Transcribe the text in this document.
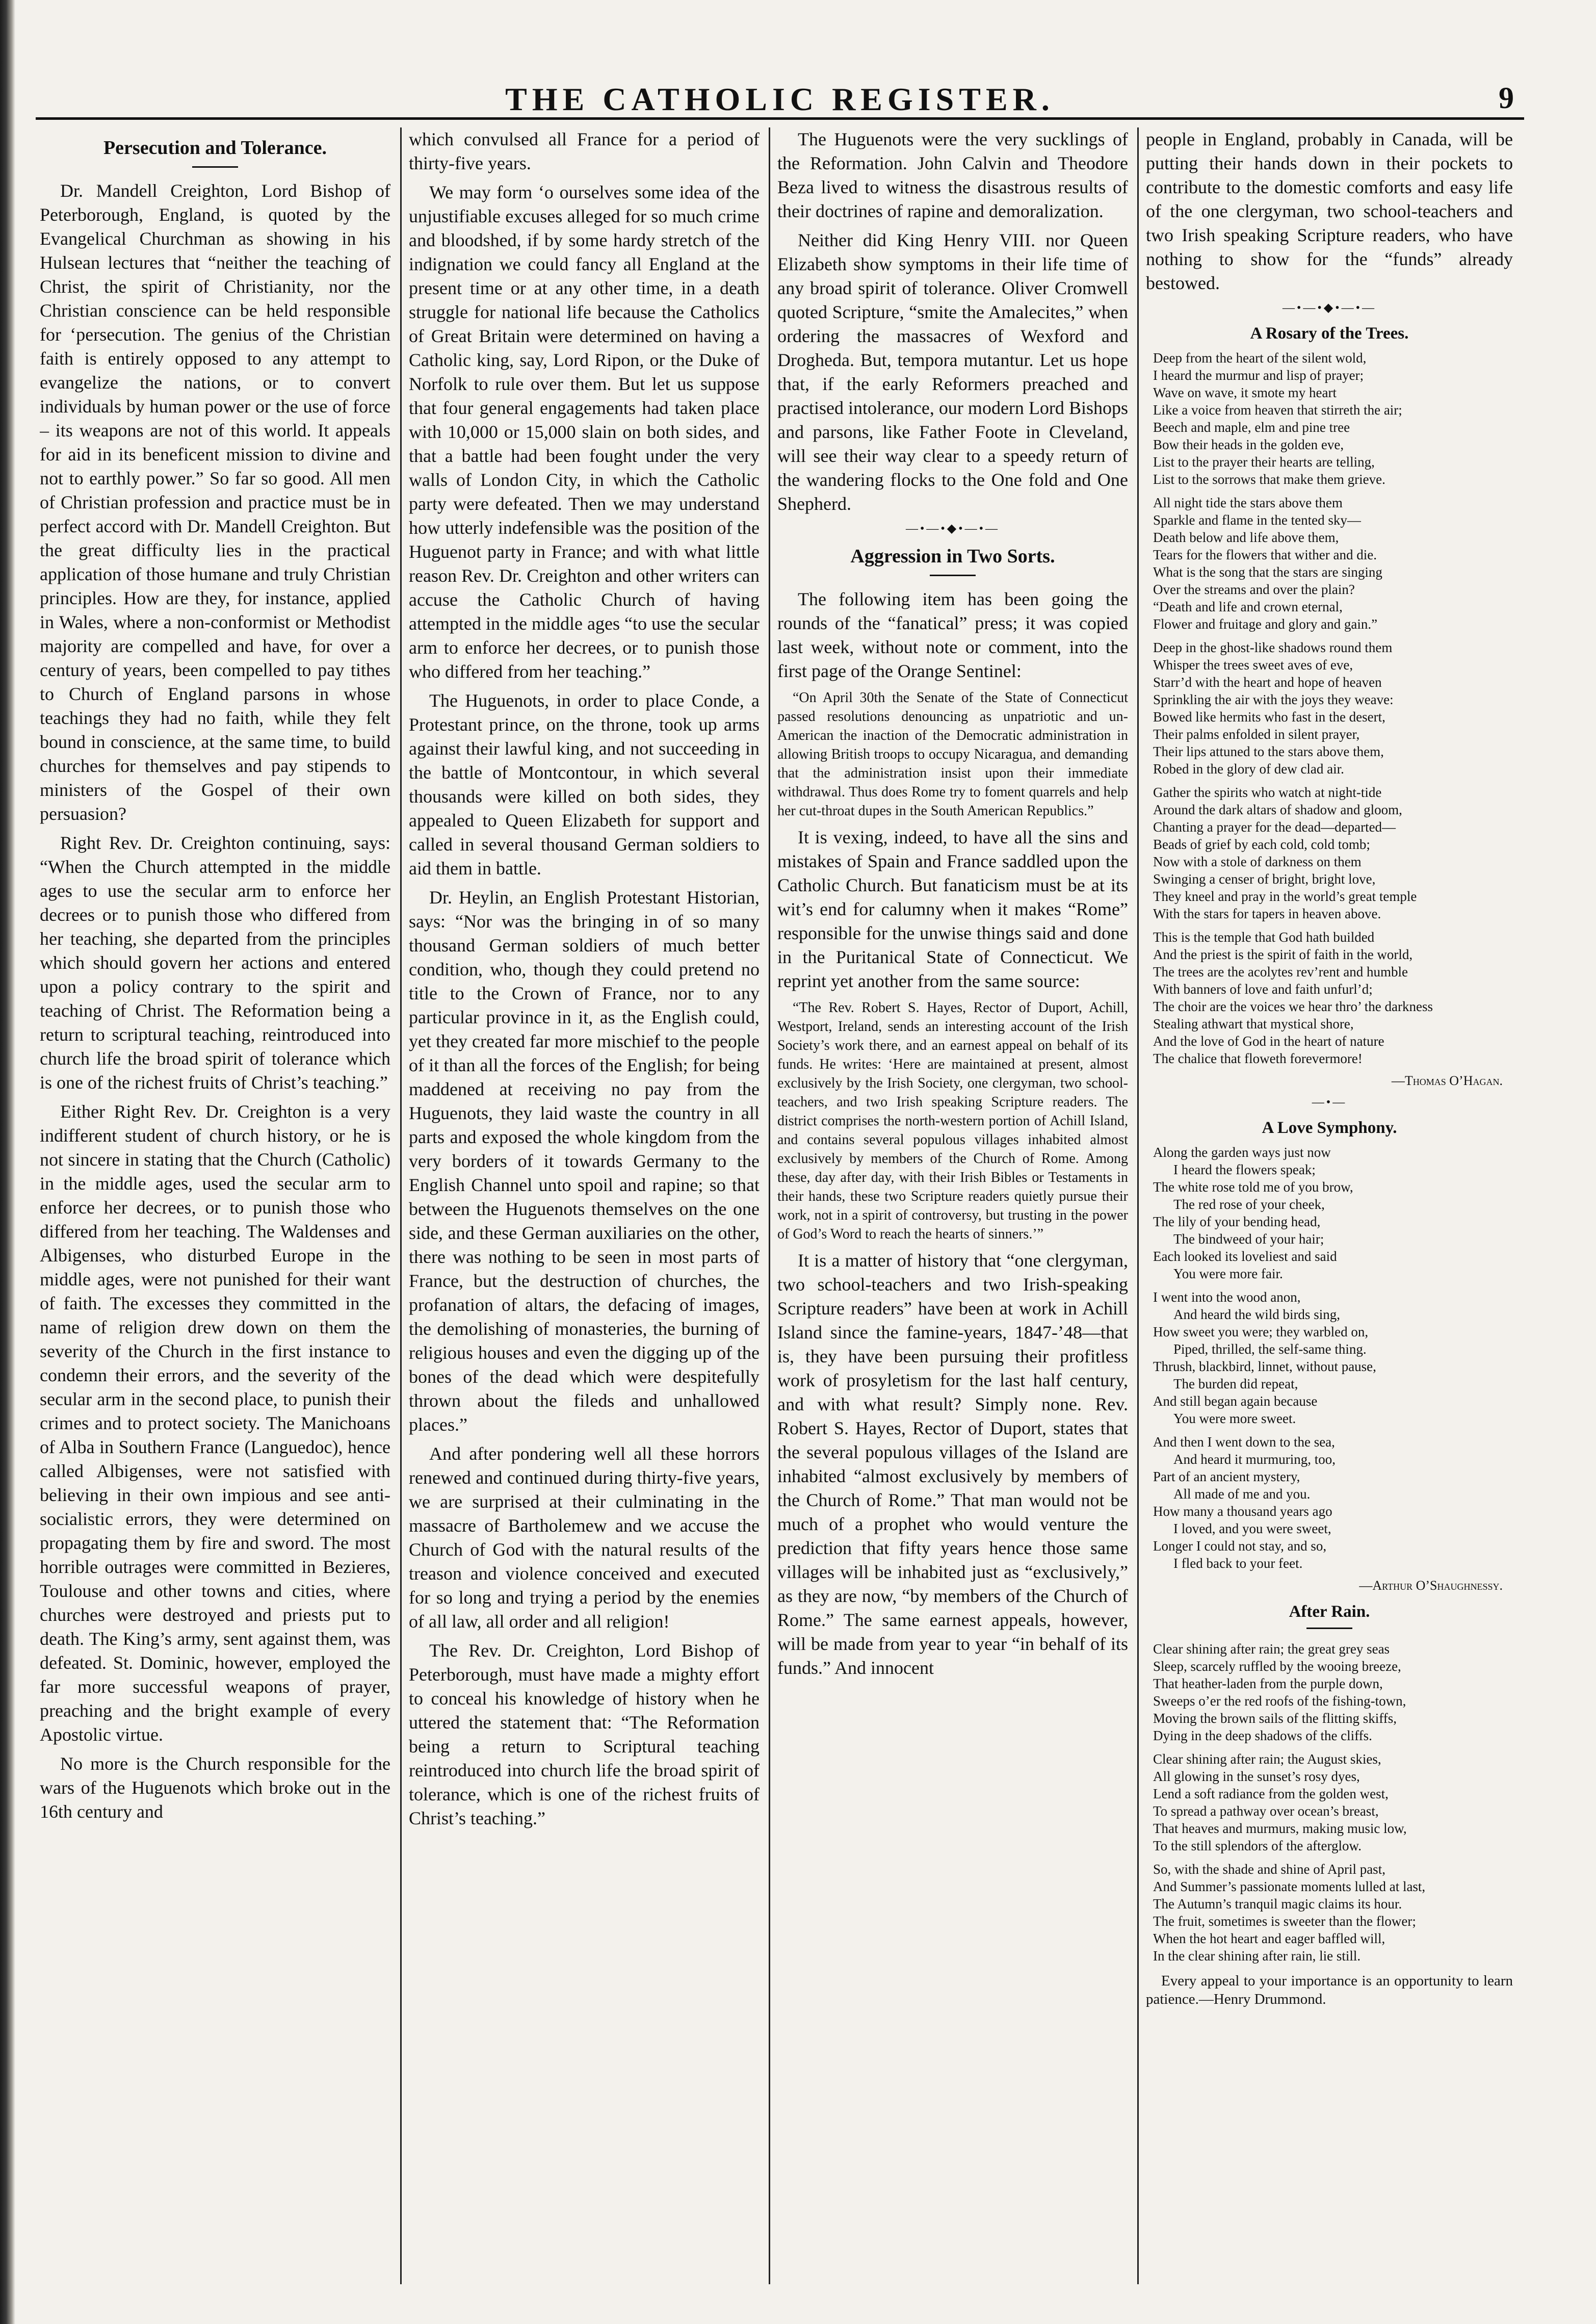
THE CATHOLIC REGISTER.	9
Persecution and Tolerance.

Dr. Mandell Creighton, Lord Bishop of Peterborough, England, is quoted by the Evangelical Churchman as showing in his Hulsean lectures that “neither the teaching of Christ, the spirit of Christianity, nor the Christian conscience can be held responsible for ‘persecution. The genius of the Christian faith is entirely opposed to any attempt to evangelize the nations, or to convert individuals by human power or the use of force – its weapons are not of this world. It appeals for aid in its beneficent mission to divine and not to earthly power.” So far so good. All men of Christian profession and practice must be in perfect accord with Dr. Mandell Creighton. But the great difficulty lies in the practical application of those humane and truly Christian principles. How are they, for instance, applied in Wales, where a non-conformist or Methodist majority are compelled and have, for over a century of years, been compelled to pay tithes to Church of England parsons in whose teachings they had no faith, while they felt bound in conscience, at the same time, to build churches for themselves and pay stipends to ministers of the Gospel of their own persuasion?

Right Rev. Dr. Creighton continuing, says: “When the Church attempted in the middle ages to use the secular arm to enforce her decrees or to punish those who differed from her teaching, she departed from the principles which should govern her actions and entered upon a policy contrary to the spirit and teaching of Christ. The Reformation being a return to scriptural teaching, reintroduced into church life the broad spirit of tolerance which is one of the richest fruits of Christ’s teaching.”

Either Right Rev. Dr. Creighton is a very indifferent student of church history, or he is not sincere in stating that the Church (Catholic) in the middle ages, used the secular arm to enforce her decrees, or to punish those who differed from her teaching. The Waldenses and Albigenses, who disturbed Europe in the middle ages, were not punished for their want of faith. The excesses they committed in the name of religion drew down on them the severity of the Church in the first instance to condemn their errors, and the severity of the secular arm in the second place, to punish their crimes and to protect society. The Manichoans of Alba in Southern France (Languedoc), hence called Albigenses, were not satisfied with believing in their own impious and see anti-socialistic errors, they were determined on propagating them by fire and sword. The most horrible outrages were committed in Bezieres, Toulouse and other towns and cities, where churches were destroyed and priests put to death. The King’s army, sent against them, was defeated. St. Dominic, however, employed the far more successful weapons of prayer, preaching and the bright example of every Apostolic virtue.

No more is the Church responsible for the wars of the Huguenots which broke out in the 16th century and

which convulsed all France for a period of thirty-five years.

We may form ‘o ourselves some idea of the unjustifiable excuses alleged for so much crime and bloodshed, if by some hardy stretch of the indignation we could fancy all England at the present time or at any other time, in a death struggle for national life because the Catholics of Great Britain were determined on having a Catholic king, say, Lord Ripon, or the Duke of Norfolk to rule over them. But let us suppose that four general engagements had taken place with 10,000 or 15,000 slain on both sides, and that a battle had been fought under the very walls of London City, in which the Catholic party were defeated. Then we may understand how utterly indefensible was the position of the Huguenot party in France; and with what little reason Rev. Dr. Creighton and other writers can accuse the Catholic Church of having attempted in the middle ages “to use the secular arm to enforce her decrees, or to punish those who differed from her teaching.”

The Huguenots, in order to place Conde, a Protestant prince, on the throne, took up arms against their lawful king, and not succeeding in the battle of Montcontour, in which several thousands were killed on both sides, they appealed to Queen Elizabeth for support and called in several thousand German soldiers to aid them in battle.

Dr. Heylin, an English Protestant Historian, says: “Nor was the bringing in of so many thousand German soldiers of much better condition, who, though they could pretend no title to the Crown of France, nor to any particular province in it, as the English could, yet they created far more mischief to the people of it than all the forces of the English; for being maddened at receiving no pay from the Huguenots, they laid waste the country in all parts and exposed the whole kingdom from the very borders of it towards Germany to the English Channel unto spoil and rapine; so that between the Huguenots themselves on the one side, and these German auxiliaries on the other, there was nothing to be seen in most parts of France, but the destruction of churches, the profanation of altars, the defacing of images, the demolishing of monasteries, the burning of religious houses and even the digging up of the bones of the dead which were despitefully thrown about the fileds and unhallowed places.”

And after pondering well all these horrors renewed and continued during thirty-five years, we are surprised at their culminating in the massacre of Bartholemew and we accuse the Church of God with the natural results of the treason and violence conceived and executed for so long and trying a period by the enemies of all law, all order and all religion!

The Rev. Dr. Creighton, Lord Bishop of Peterborough, must have made a mighty effort to conceal his knowledge of history when he uttered the statement that: “The Reformation being a return to Scriptural teaching reintroduced into church life the broad spirit of tolerance, which is one of the richest fruits of Christ’s teaching.”

The Huguenots were the very sucklings of the Reformation. John Calvin and Theodore Beza lived to witness the disastrous results of their doctrines of rapine and demoralization.

Neither did King Henry VIII. nor Queen Elizabeth show symptoms in their life time of any broad spirit of tolerance. Oliver Cromwell quoted Scripture, “smite the Amalecites,” when ordering the massacres of Wexford and Drogheda. But, tempora mutantur. Let us hope that, if the early Reformers preached and practised intolerance, our modern Lord Bishops and parsons, like Father Foote in Cleveland, will see their way clear to a speedy return of the wandering flocks to the One fold and One Shepherd.

—•—•◆•—•—
Aggression in Two Sorts.

The following item has been going the rounds of the “fanatical” press; it was copied last week, without note or comment, into the first page of the Orange Sentinel:

“On April 30th the Senate of the State of Connecticut passed resolutions denouncing as unpatriotic and un-American the inaction of the Democratic administration in allowing British troops to occupy Nicaragua, and demanding that the administration insist upon their immediate withdrawal. Thus does Rome try to foment quarrels and help her cut-throat dupes in the South American Republics.”

It is vexing, indeed, to have all the sins and mistakes of Spain and France saddled upon the Catholic Church. But fanaticism must be at its wit’s end for calumny when it makes “Rome” responsible for the unwise things said and done in the Puritanical State of Connecticut. We reprint yet another from the same source:

“The Rev. Robert S. Hayes, Rector of Duport, Achill, Westport, Ireland, sends an interesting account of the Irish Society’s work there, and an earnest appeal on behalf of its funds. He writes: ‘Here are maintained at present, almost exclusively by the Irish Society, one clergyman, two school-teachers, and two Irish speaking Scripture readers. The district comprises the north-western portion of Achill Island, and contains several populous villages inhabited almost exclusively by members of the Church of Rome. Among these, day after day, with their Irish Bibles or Testaments in their hands, these two Scripture readers quietly pursue their work, not in a spirit of controversy, but trusting in the power of God’s Word to reach the hearts of sinners.’”

It is a matter of history that “one clergyman, two school-teachers and two Irish-speaking Scripture readers” have been at work in Achill Island since the famine-years, 1847-’48—that is, they have been pursuing their profitless work of prosyletism for the last half century, and with what result? Simply none. Rev. Robert S. Hayes, Rector of Duport, states that the several populous villages of the Island are inhabited “almost exclusively by members of the Church of Rome.” That man would not be much of a prophet who would venture the prediction that fifty years hence those same villages will be inhabited just as “exclusively,” as they are now, “by members of the Church of Rome.” The same earnest appeals, however, will be made from year to year “in behalf of its funds.” And innocent

people in England, probably in Canada, will be putting their hands down in their pockets to contribute to the domestic comforts and easy life of the one clergyman, two school-teachers and two Irish speaking Scripture readers, who have nothing to show for the “funds” already bestowed.

—•—•◆•—•—
A Rosary of the Trees.
Deep from the heart of the silent wold,
I heard the murmur and lisp of prayer;
Wave on wave, it smote my heart
Like a voice from heaven that stirreth the air;
Beech and maple, elm and pine tree
Bow their heads in the golden eve,
List to the prayer their hearts are telling,
List to the sorrows that make them grieve.
All night tide the stars above them
Sparkle and flame in the tented sky—
Death below and life above them,
Tears for the flowers that wither and die.
What is the song that the stars are singing
Over the streams and over the plain?
“Death and life and crown eternal,
Flower and fruitage and glory and gain.”
Deep in the ghost-like shadows round them
Whisper the trees sweet aves of eve,
Starr’d with the heart and hope of heaven
Sprinkling the air with the joys they weave:
Bowed like hermits who fast in the desert,
Their palms enfolded in silent prayer,
Their lips attuned to the stars above them,
Robed in the glory of dew clad air.
Gather the spirits who watch at night-tide
Around the dark altars of shadow and gloom,
Chanting a prayer for the dead—departed—
Beads of grief by each cold, cold tomb;
Now with a stole of darkness on them
Swinging a censer of bright, bright love,
They kneel and pray in the world’s great temple
With the stars for tapers in heaven above.
This is the temple that God hath builded
And the priest is the spirit of faith in the world,
The trees are the acolytes rev’rent and humble
With banners of love and faith unfurl’d;
The choir are the voices we hear thro’ the darkness
Stealing athwart that mystical shore,
And the love of God in the heart of nature
The chalice that floweth forevermore!
—Thomas O’Hagan.
—•—
A Love Symphony.
Along the garden ways just now
I heard the flowers speak;
The white rose told me of you brow,
The red rose of your cheek,
The lily of your bending head,
The bindweed of your hair;
Each looked its loveliest and said
You were more fair.
I went into the wood anon,
And heard the wild birds sing,
How sweet you were; they warbled on,
Piped, thrilled, the self-same thing.
Thrush, blackbird, linnet, without pause,
The burden did repeat,
And still began again because
You were more sweet.
And then I went down to the sea,
And heard it murmuring, too,
Part of an ancient mystery,
All made of me and you.
How many a thousand years ago
I loved, and you were sweet,
Longer I could not stay, and so,
I fled back to your feet.
—Arthur O’Shaughnessy.
After Rain.
Clear shining after rain; the great grey seas
Sleep, scarcely ruffled by the wooing breeze,
That heather-laden from the purple down,
Sweeps o’er the red roofs of the fishing-town,
Moving the brown sails of the flitting skiffs,
Dying in the deep shadows of the cliffs.
Clear shining after rain; the August skies,
All glowing in the sunset’s rosy dyes,
Lend a soft radiance from the golden west,
To spread a pathway over ocean’s breast,
That heaves and murmurs, making music low,
To the still splendors of the afterglow.
So, with the shade and shine of April past,
And Summer’s passionate moments lulled at last,
The Autumn’s tranquil magic claims its hour.
The fruit, sometimes is sweeter than the flower;
When the hot heart and eager baffled will,
In the clear shining after rain, lie still.
Every appeal to your importance is an opportunity to learn patience.—Henry Drummond.
